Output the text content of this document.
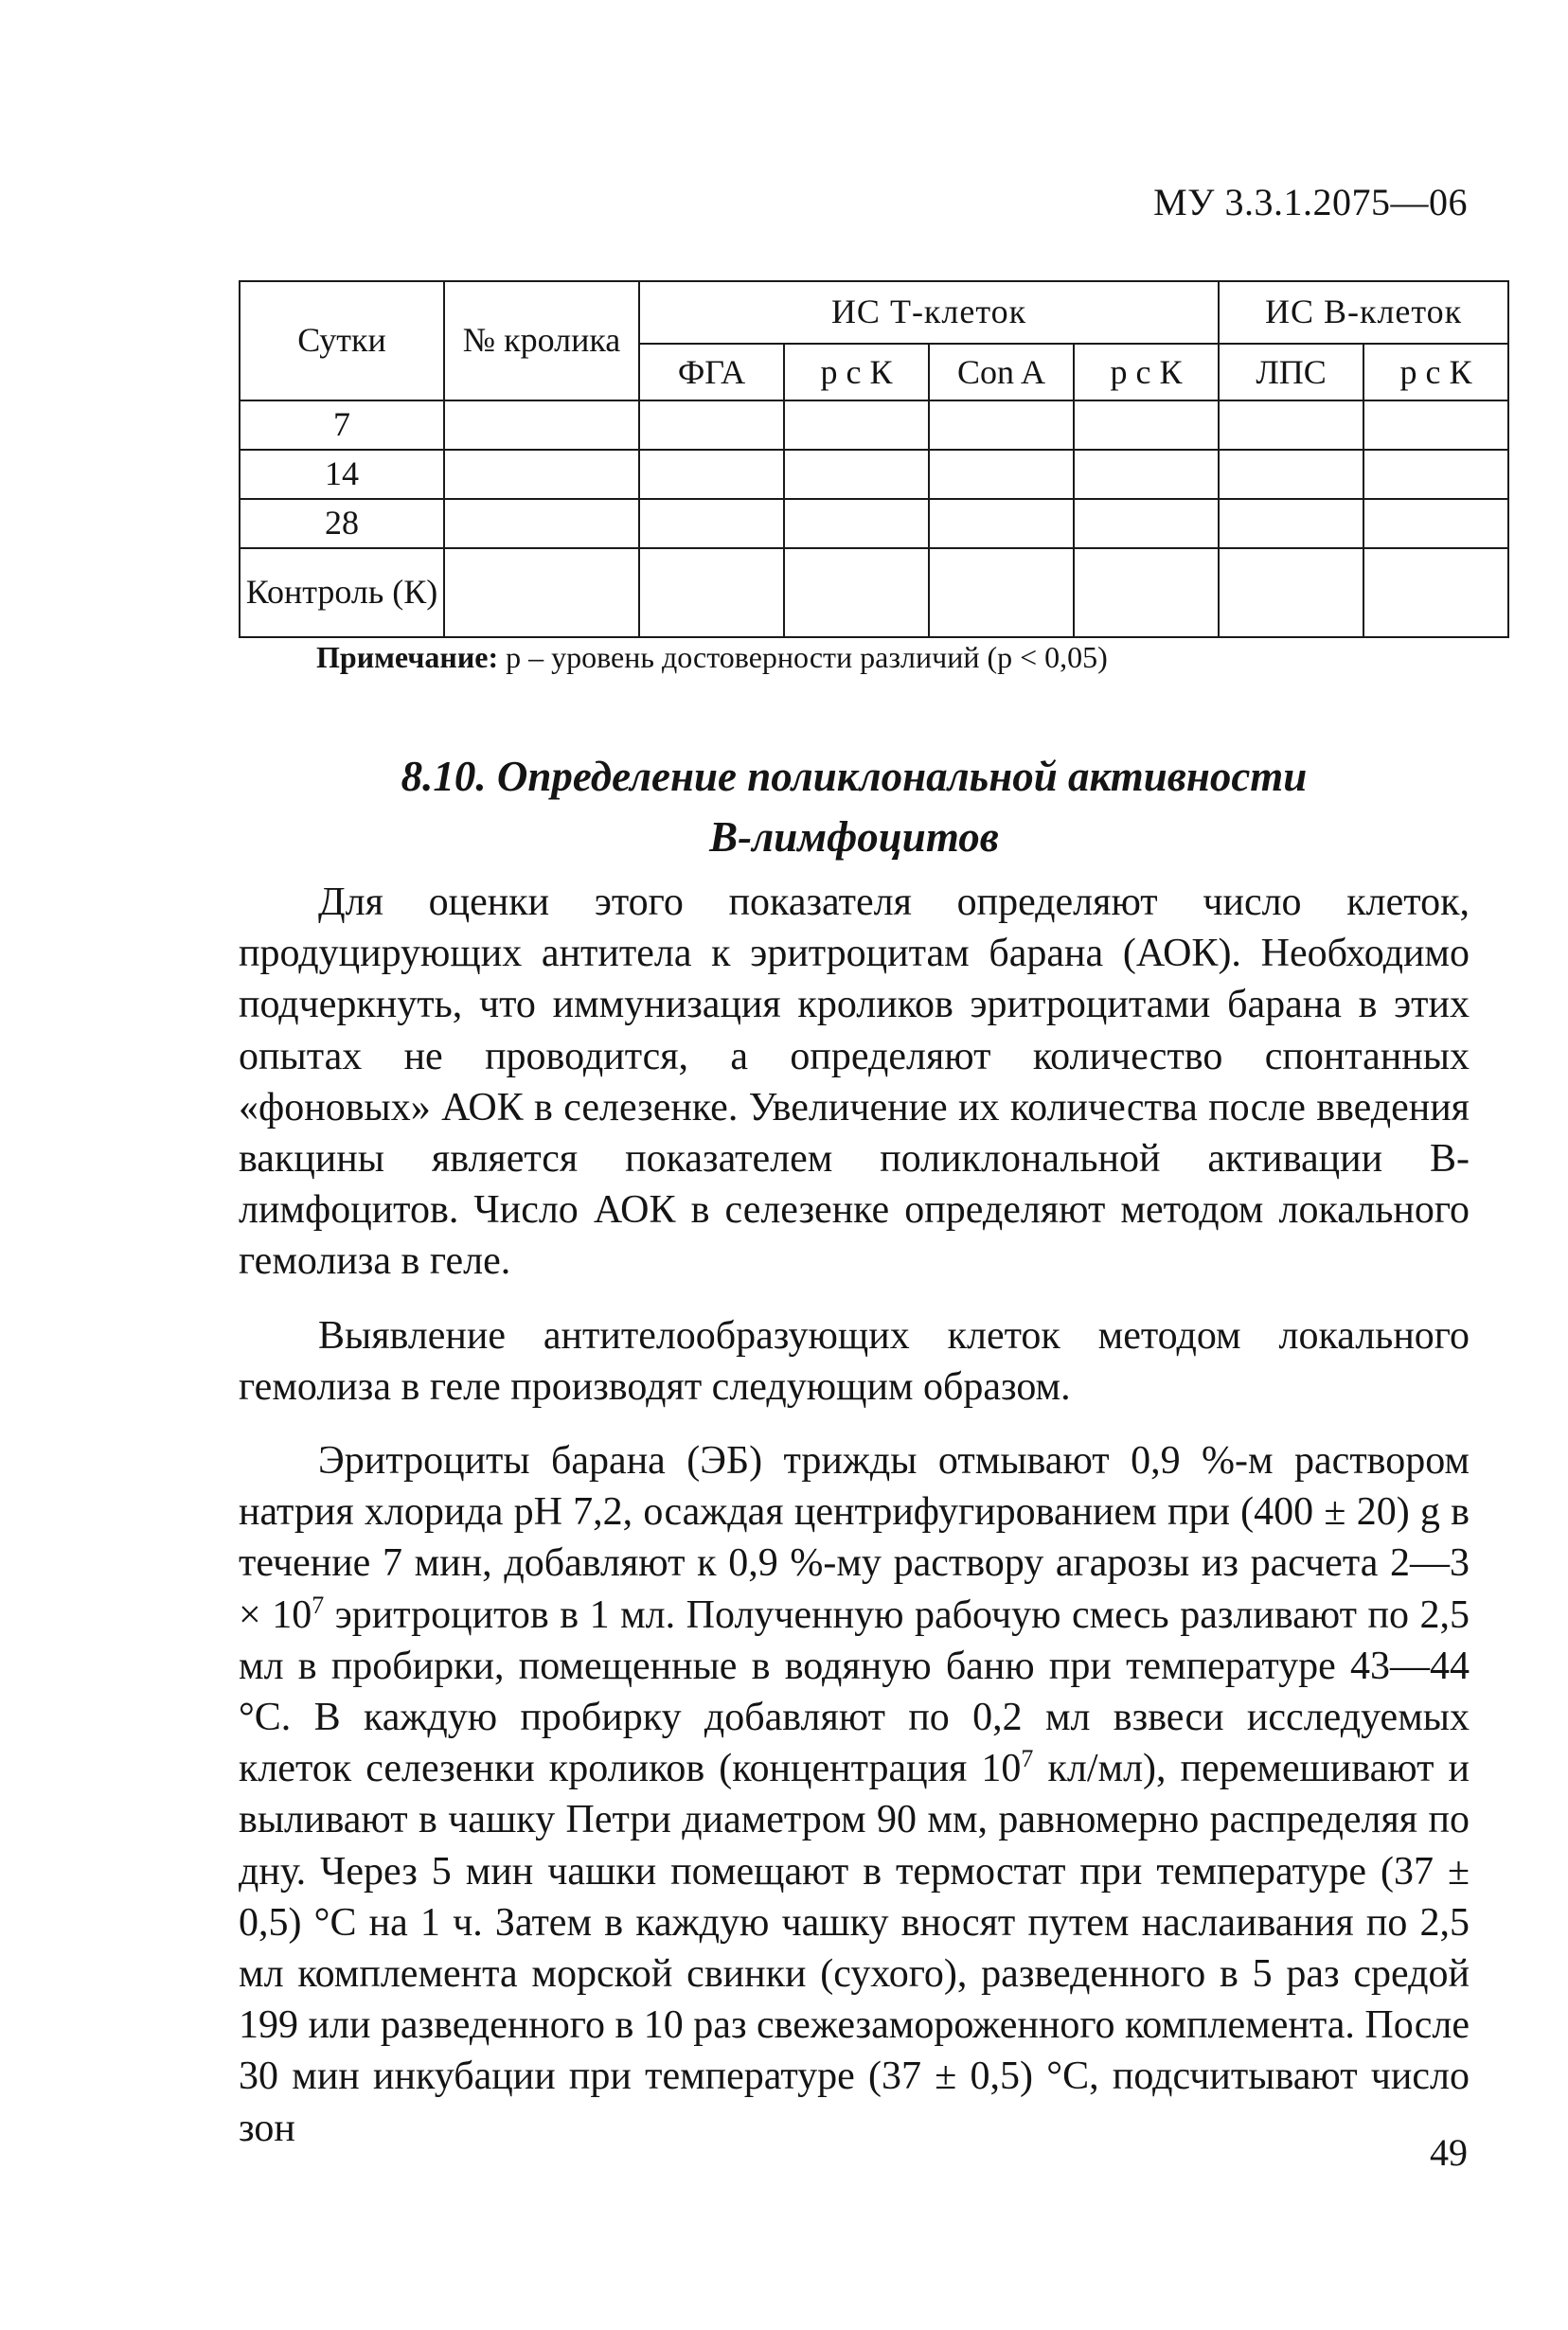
МУ 3.3.1.2075—06
Сутки	№ кролика	ИС Т-клеток				ИС В-клеток	
		ФГА	р с К	Con A	р с К	ЛПС	р с К
7							
14							
28							
Контроль (К)							
Примечание: р – уровень достоверности различий (р < 0,05)
8.10. Определение поликлональной активности
В-лимфоцитов

Для оценки этого показателя определяют число клеток, продуцирующих антитела к эритроцитам барана (АОК). Необходимо подчеркнуть, что иммунизация кроликов эритроцитами барана в этих опытах не проводится, а определяют количество спонтанных «фоновых» АОК в селезенке. Увеличение их количества после введения вакцины является показателем поликлональной активации В-лимфоцитов. Число АОК в селезенке определяют методом локального гемолиза в геле.

Выявление антителообразующих клеток методом локального гемолиза в геле производят следующим образом.

Эритроциты барана (ЭБ) трижды отмывают 0,9 %-м раствором натрия хлорида рН 7,2, осаждая центрифугированием при (400 ± 20) g в течение 7 мин, добавляют к 0,9 %-му раствору агарозы из расчета 2—3 × $10^7$ эритроцитов в 1 мл. Полученную рабочую смесь разливают по 2,5 мл в пробирки, помещенные в водяную баню при температуре 43—44 °С. В каждую пробирку добавляют по 0,2 мл взвеси исследуемых клеток селезенки кроликов (концентрация $10^7$ кл/мл), перемешивают и выливают в чашку Петри диаметром 90 мм, равномерно распределяя по дну. Через 5 мин чашки помещают в термостат при температуре (37 ± 0,5) °С на 1 ч. Затем в каждую чашку вносят путем наслаивания по 2,5 мл комплемента морской свинки (сухого), разведенного в 5 раз средой 199 или разведенного в 10 раз свежезамороженного комплемента. После 30 мин инкубации при температуре (37 ± 0,5) °С, подсчитывают число зон

49
